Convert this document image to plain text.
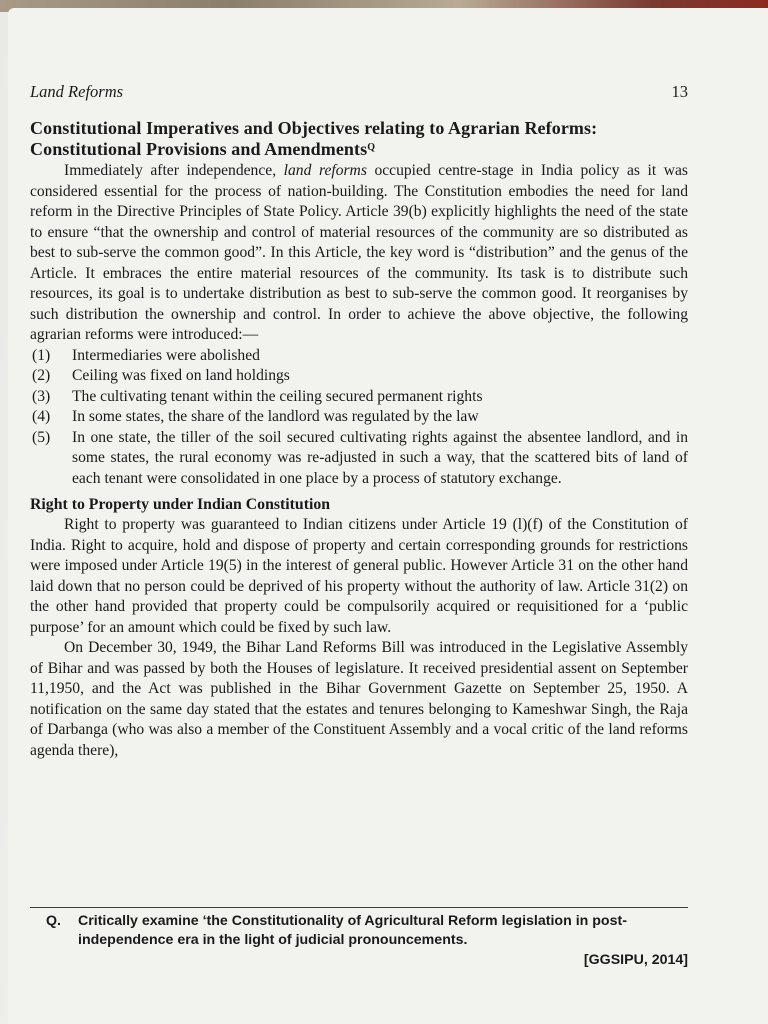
Land Reforms	13
Constitutional Imperatives and Objectives relating to Agrarian Reforms: Constitutional Provisions and Amendments$^Q$

Immediately after independence, land reforms occupied centre-stage in India policy as it was considered essential for the process of nation-building. The Constitution embodies the need for land reform in the Directive Principles of State Policy. Article 39(b) explicitly highlights the need of the state to ensure “that the ownership and control of material resources of the community are so distributed as best to sub-serve the common good”. In this Article, the key word is “distribution” and the genus of the Article. It embraces the entire material resources of the community. Its task is to distribute such resources, its goal is to undertake distribution as best to sub-serve the common good. It reorganises by such distribution the ownership and control. In order to achieve the above objective, the following agrarian reforms were introduced:—

(1)	Intermediaries were abolished
(2)	Ceiling was fixed on land holdings
(3)	The cultivating tenant within the ceiling secured permanent rights
(4)	In some states, the share of the landlord was regulated by the law
(5)	In one state, the tiller of the soil secured cultivating rights against the absentee landlord, and in some states, the rural economy was re-adjusted in such a way, that the scattered bits of land of each tenant were consolidated in one place by a process of statutory exchange.
Right to Property under Indian Constitution

Right to property was guaranteed to Indian citizens under Article 19 (l)(f) of the Constitution of India. Right to acquire, hold and dispose of property and certain corresponding grounds for restrictions were imposed under Article 19(5) in the interest of general public. However Article 31 on the other hand laid down that no person could be deprived of his property without the authority of law. Article 31(2) on the other hand provided that property could be compulsorily acquired or requisitioned for a ‘public purpose’ for an amount which could be fixed by such law.

On December 30, 1949, the Bihar Land Reforms Bill was introduced in the Legislative Assembly of Bihar and was passed by both the Houses of legislature. It received presidential assent on September 11,1950, and the Act was published in the Bihar Government Gazette on September 25, 1950. A notification on the same day stated that the estates and tenures belonging to Kameshwar Singh, the Raja of Darbanga (who was also a member of the Constituent Assembly and a vocal critic of the land reforms agenda there),

Q.	Critically examine ‘the Constitutionality of Agricultural Reform legislation in post-independence era in the light of judicial pronouncements.
[GGSIPU, 2014]
